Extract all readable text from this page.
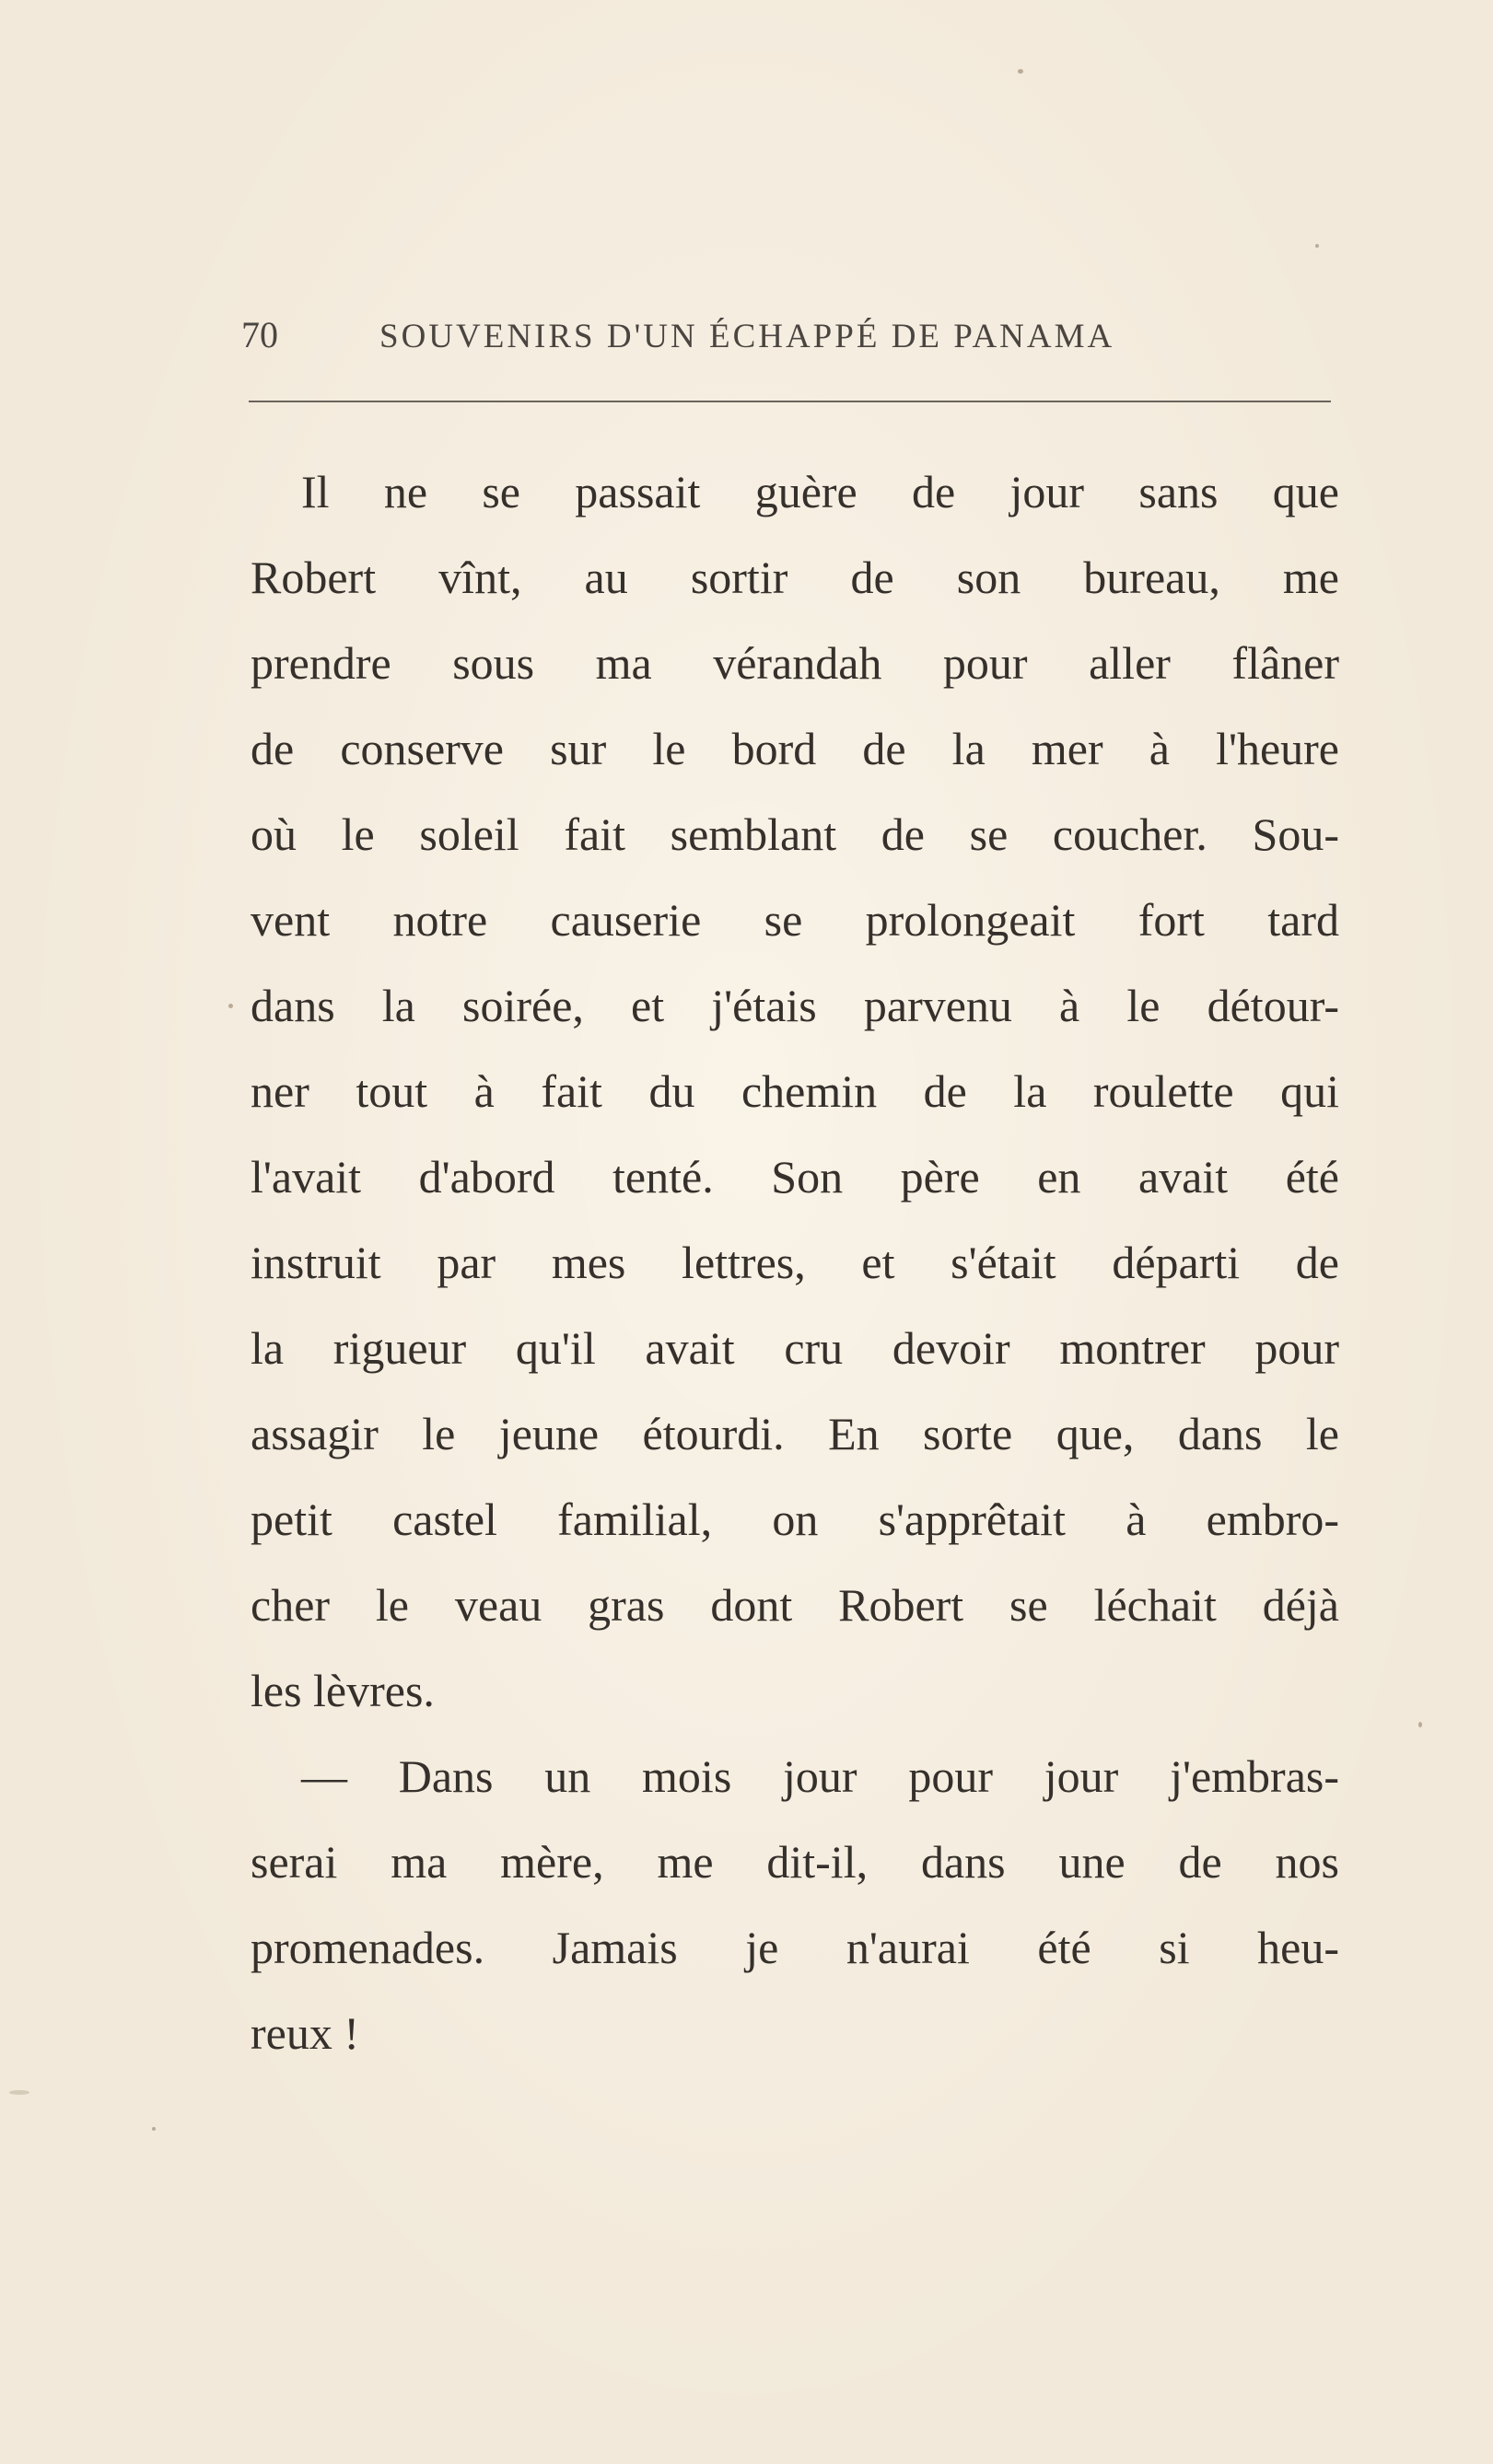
70	SOUVENIRS D'UN ÉCHAPPÉ DE PANAMA
Il ne se passait guère de jour sans que
Robert vînt, au sortir de son bureau, me
prendre sous ma vérandah pour aller flâner
de conserve sur le bord de la mer à l'heure
où le soleil fait semblant de se coucher. Sou-
vent notre causerie se prolongeait fort tard
dans la soirée, et j'étais parvenu à le détour-
ner tout à fait du chemin de la roulette qui
l'avait d'abord tenté. Son père en avait été
instruit par mes lettres, et s'était départi de
la rigueur qu'il avait cru devoir montrer pour
assagir le jeune étourdi. En sorte que, dans le
petit castel familial, on s'apprêtait à embro-
cher le veau gras dont Robert se léchait déjà
les lèvres.
— Dans un mois jour pour jour j'embras-
serai ma mère, me dit-il, dans une de nos
promenades. Jamais je n'aurai été si heu-
reux !
